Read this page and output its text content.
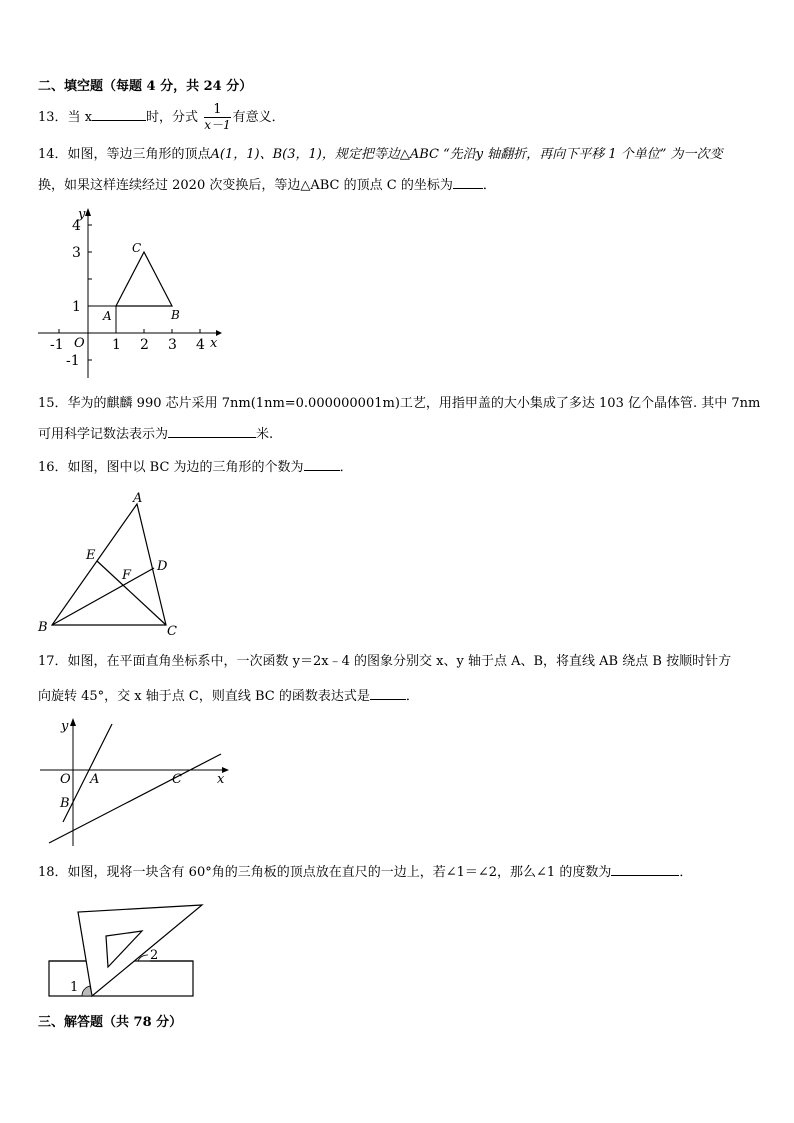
二、填空题（每题 4 分，共 24 分）
13．当 x	时，分式 $\frac{1}{x-1}$ 有意义．
14．如图，等边三角形的顶点A(1，1)、B(3，1)，规定把等边△ABC “先沿y 轴翻折，再向下平移 1 个单位” 为一次变
换，如果这样连续经过 2020 次变换后，等边△ABC 的顶点 C 的坐标为 ．
y
x
O
-1	1 2 3 4
4
3
1
-1
A	B
C
15．华为的麒麟 990 芯片采用 7nm(1nm=0.000000001m)工艺，用指甲盖的大小集成了多达 103 亿个晶体管. 其中 7nm
可用科学记数法表示为	米.
16．如图，图中以 BC 为边的三角形的个数为	．
A
B	C
D
E
F
17．如图，在平面直角坐标系中，一次函数 y＝2x﹣4 的图象分别交 x、y 轴于点 A、B，将直线 AB 绕点 B 按顺时针方
向旋转 45°，交 x 轴于点 C，则直线 BC 的函数表达式是	．
y
x
O A
B
C
18．如图，现将一块含有 60°角的三角板的顶点放在直尺的一边上，若∠1＝∠2，那么∠1 的度数为	．
1
2
三、解答题（共 78 分）
